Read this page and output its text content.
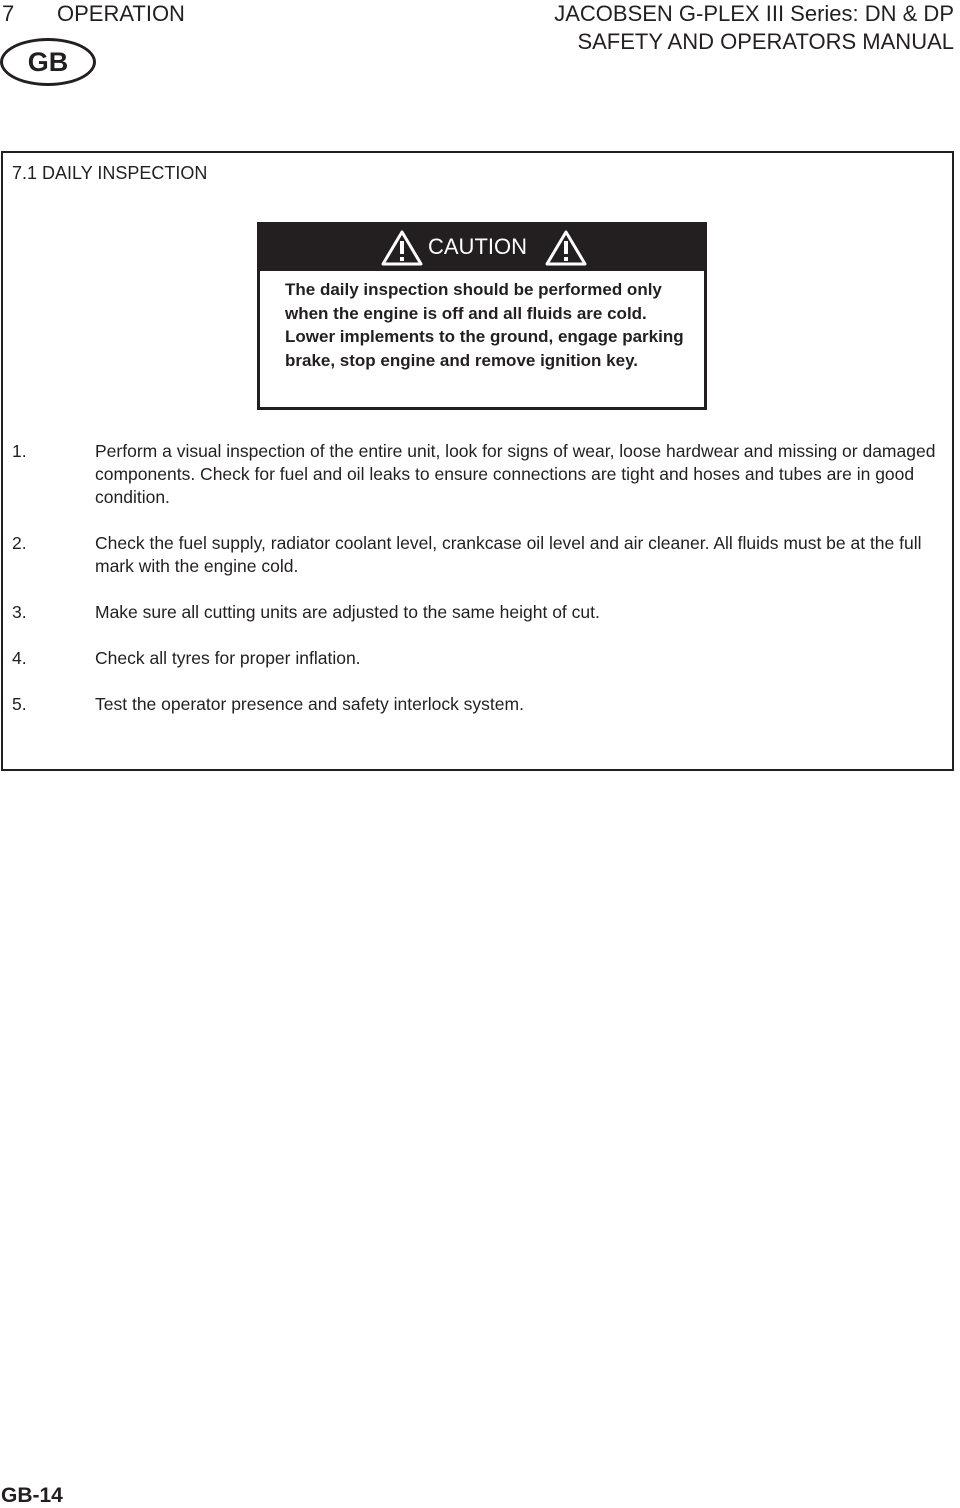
7 OPERATION	JACOBSEN G-PLEX III Series: DN & DP
SAFETY AND OPERATORS MANUAL
GB
7.1 DAILY INSPECTION
CAUTION
The daily inspection should be performed only when the engine is off and all fluids are cold. Lower implements to the ground, engage parking brake, stop engine and remove ignition key.
1.	Perform a visual inspection of the entire unit, look for signs of wear, loose hardwear and missing or damaged components. Check for fuel and oil leaks to ensure connections are tight and hoses and tubes are in good condition.
2.	Check the fuel supply, radiator coolant level, crankcase oil level and air cleaner. All fluids must be at the full mark with the engine cold.
3.	Make sure all cutting units are adjusted to the same height of cut.
4.	Check all tyres for proper inflation.
5.	Test the operator presence and safety interlock system.
GB-14
